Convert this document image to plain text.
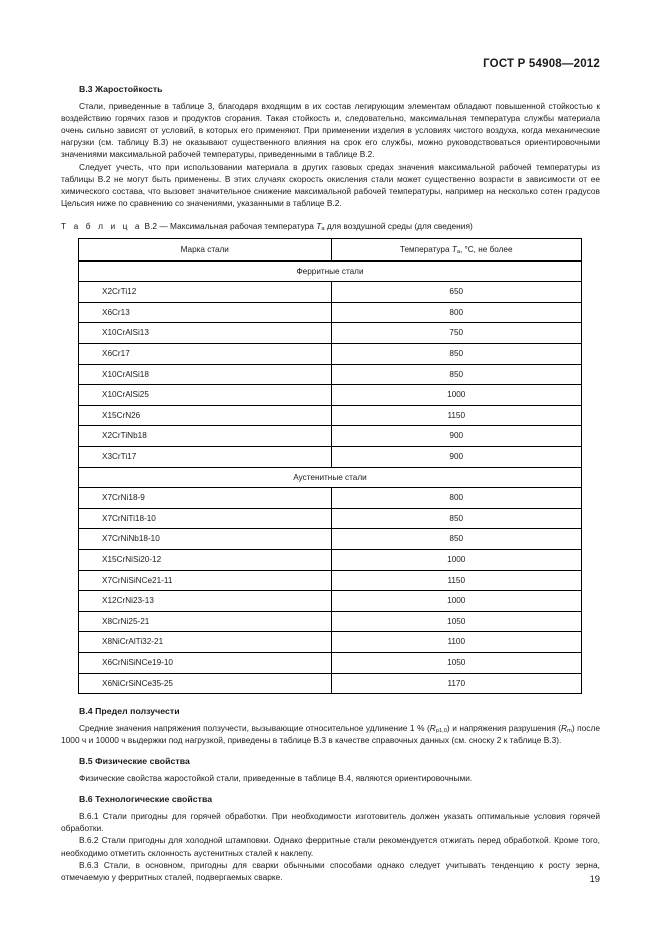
ГОСТ Р 54908—2012
B.3 Жаростойкость

Стали, приведенные в таблице 3, благодаря входящим в их состав легирующим элементам обладают повышенной стойкостью к воздействию горячих газов и продуктов сгорания. Такая стойкость и, следовательно, максимальная температура службы материала очень сильно зависят от условий, в которых его применяют. При применении изделия в условиях чистого воздуха, когда механические нагрузки (см. таблицу В.3) не оказывают существенного влияния на срок его службы, можно руководствоваться ориентировочными значениями максимальной рабочей температуры, приведенными в таблице В.2.

Следует учесть, что при использовании материала в других газовых средах значения максимальной рабочей температуры из таблицы В.2 не могут быть применены. В этих случаях скорость окисления стали может существенно возрасти в зависимости от ее химического состава, что вызовет значительное снижение максимальной рабочей температуры, например на несколько сотен градусов Цельсия ниже по сравнению со значениями, указанными в таблице В.2.

Т а б л и ц а В.2 — Максимальная рабочая температура $T_a$ для воздушной среды (для сведения)
Марка стали	Температура $T_a$, °С, не более
Ферритные стали	
X2CrTi12	650
X6Cr13	800
X10CrAlSi13	750
X6Cr17	850
X10CrAlSi18	850
X10CrAlSi25	1000
X15CrN26	1150
X2CrTiNb18	900
X3CrTi17	900
Аустенитные стали	
X7CrNi18-9	800
X7CrNiTi18-10	850
X7CrNiNb18-10	850
X15CrNiSi20-12	1000
X7CrNiSiNCe21-11	1150
X12CrNi23-13	1000
X8CrNi25-21	1050
X8NiCrAlTi32-21	1100
X6CrNiSiNCe19-10	1050
X6NiCrSiNCe35-25	1170
B.4 Предел ползучести

Средние значения напряжения ползучести, вызывающие относительное удлинение 1 % $(R_{p1,0})$ и напряжения разрушения $(R_m)$ после 1000 ч и 10000 ч выдержки под нагрузкой, приведены в таблице В.3 в качестве справочных данных (см. сноску 2 к таблице В.3).

B.5 Физические свойства

Физические свойства жаростойкой стали, приведенные в таблице В.4, являются ориентировочными.

B.6 Технологические свойства

B.6.1 Стали пригодны для горячей обработки. При необходимости изготовитель должен указать оптимальные условия горячей обработки.

B.6.2 Стали пригодны для холодной штамповки. Однако ферритные стали рекомендуется отжигать перед обработкой. Кроме того, необходимо отметить склонность аустенитных сталей к наклепу.

B.6.3 Стали, в основном, пригодны для сварки обычными способами однако следует учитывать тенденцию к росту зерна, отмечаемую у ферритных сталей, подвергаемых сварке.	19
